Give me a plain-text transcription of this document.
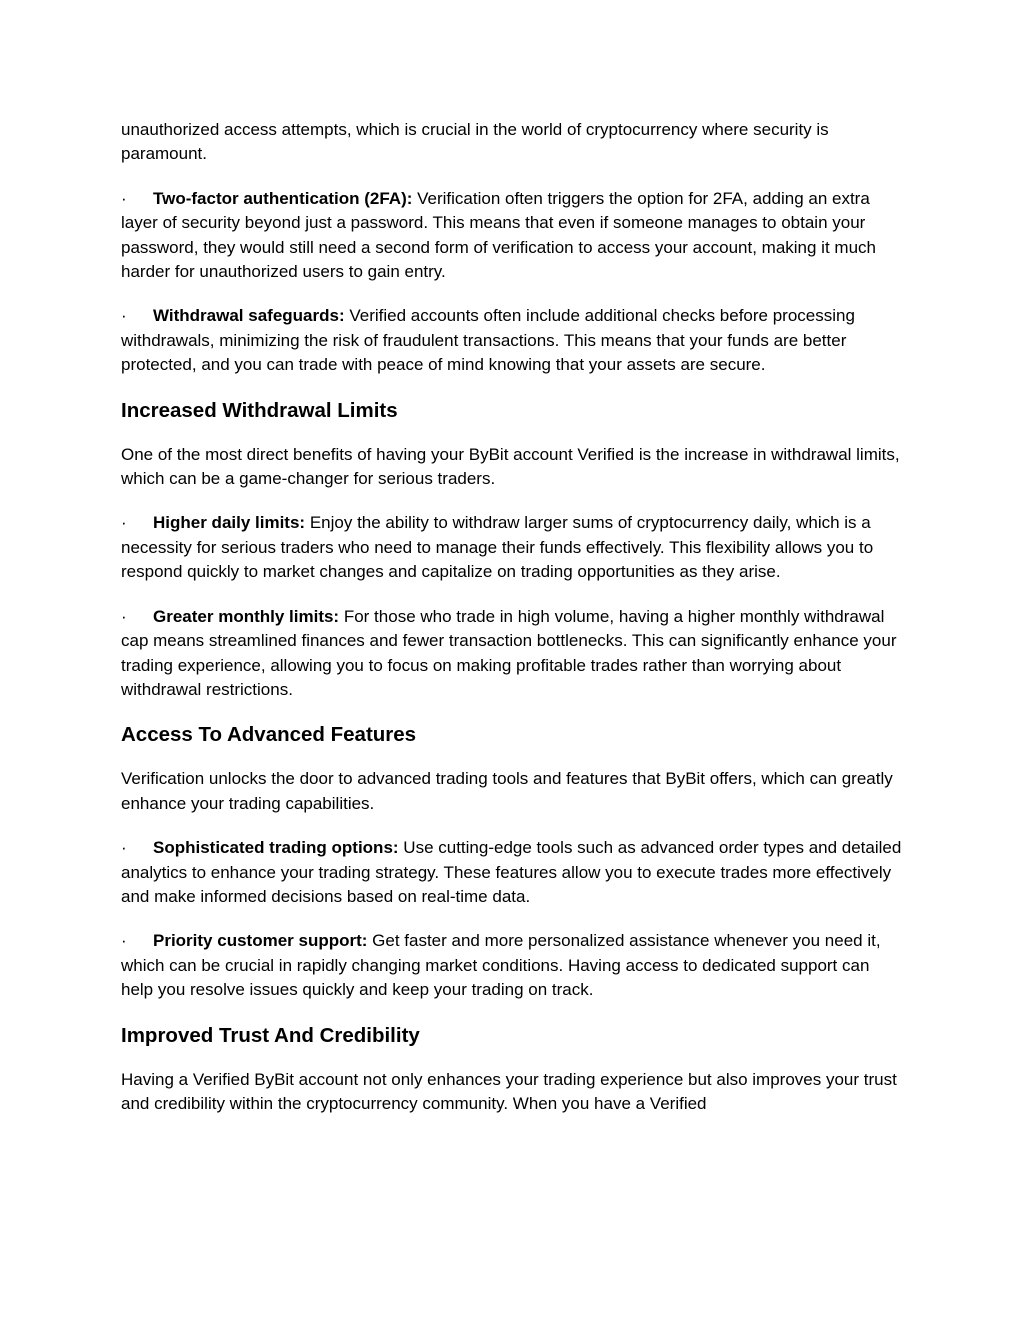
unauthorized access attempts, which is crucial in the world of cryptocurrency where security is paramount.

· Two-factor authentication (2FA): Verification often triggers the option for 2FA, adding an extra layer of security beyond just a password. This means that even if someone manages to obtain your password, they would still need a second form of verification to access your account, making it much harder for unauthorized users to gain entry.

· Withdrawal safeguards: Verified accounts often include additional checks before processing withdrawals, minimizing the risk of fraudulent transactions. This means that your funds are better protected, and you can trade with peace of mind knowing that your assets are secure.

Increased Withdrawal Limits

One of the most direct benefits of having your ByBit account Verified is the increase in withdrawal limits, which can be a game-changer for serious traders.

· Higher daily limits: Enjoy the ability to withdraw larger sums of cryptocurrency daily, which is a necessity for serious traders who need to manage their funds effectively. This flexibility allows you to respond quickly to market changes and capitalize on trading opportunities as they arise.

· Greater monthly limits: For those who trade in high volume, having a higher monthly withdrawal cap means streamlined finances and fewer transaction bottlenecks. This can significantly enhance your trading experience, allowing you to focus on making profitable trades rather than worrying about withdrawal restrictions.

Access To Advanced Features

Verification unlocks the door to advanced trading tools and features that ByBit offers, which can greatly enhance your trading capabilities.

· Sophisticated trading options: Use cutting-edge tools such as advanced order types and detailed analytics to enhance your trading strategy. These features allow you to execute trades more effectively and make informed decisions based on real-time data.

· Priority customer support: Get faster and more personalized assistance whenever you need it, which can be crucial in rapidly changing market conditions. Having access to dedicated support can help you resolve issues quickly and keep your trading on track.

Improved Trust And Credibility

Having a Verified ByBit account not only enhances your trading experience but also improves your trust and credibility within the cryptocurrency community. When you have a Verified
